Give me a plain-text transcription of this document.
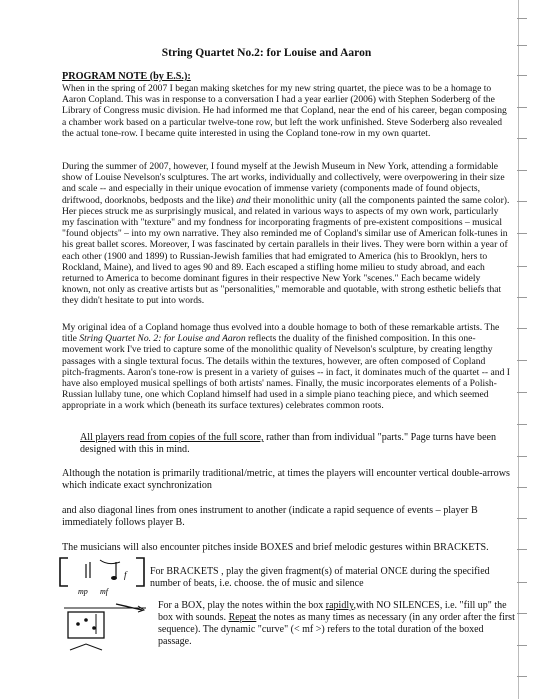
String Quartet No.2: for Louise and Aaron
PROGRAM NOTE (by E.S.):
When in the spring of 2007 I began making sketches for my new string quartet, the piece was to be a homage to Aaron Copland. This was in response to a conversation I had a year earlier (2006) with Stephen Soderberg of the Library of Congress music division. He had informed me that Copland, near the end of his career, began composing a chamber work based on a particular twelve-tone row, but left the work unfinished. Steve Soderberg also revealed the actual tone-row. I became quite interested in using the Copland tone-row in my own quartet.
During the summer of 2007, however, I found myself at the Jewish Museum in New York, attending a formidable show of Louise Nevelson's sculptures. The art works, individually and collectively, were overpowering in their size and scale -- and especially in their unique evocation of immense variety (components made of found objects, driftwood, doorknobs, bedposts and the like) and their monolithic unity (all the components painted the same color). Her pieces struck me as surprisingly musical, and related in various ways to aspects of my own work, particularly my fascination with "texture" and my fondness for incorporating fragments of pre-existent compositions – musical "found objects" – into my own narrative. They also reminded me of Copland's similar use of American folk-tunes in his great ballet scores. Moreover, I was fascinated by certain parallels in their lives. They were born within a year of each other (1900 and 1899) to Russian-Jewish families that had emigrated to America (his to Brooklyn, hers to Rockland, Maine), and lived to ages 90 and 89. Each escaped a stifling home milieu to study abroad, and each returned to America to become dominant figures in their respective New York "scenes." Each became widely known, not only as creative artists but as "personalities," memorable and quotable, with strong esthetic beliefs that they didn't hesitate to put into words.
My original idea of a Copland homage thus evolved into a double homage to both of these remarkable artists. The title String Quartet No. 2: for Louise and Aaron reflects the duality of the finished composition. In this one-movement work I've tried to capture some of the monolithic quality of Nevelson's sculpture, by creating lengthy passages with a single textural focus. The details within the textures, however, are often composed of Copland pitch-fragments. Aaron's tone-row is present in a variety of guises -- in fact, it dominates much of the quartet -- and I have also employed musical spellings of both artists' names. Finally, the music incorporates elements of a Polish-Russian lullaby tune, one which Copland himself had used in a simple piano teaching piece, and which seemed appropriate in a work which (beneath its surface textures) celebrates common roots.
All players read from copies of the full score, rather than from individual "parts." Page turns have been designed with this in mind.
Although the notation is primarily traditional/metric, at times the players will encounter vertical double-arrows which indicate exact synchronization
and also diagonal lines from ones instrument to another (indicate a rapid sequence of events – player B immediately follows player B.
The musicians will also encounter pitches inside BOXES and brief melodic gestures within BRACKETS.
For BRACKETS , play the given fragment(s) of material ONCE during the specified number of beats, i.e. choose. the of music and silence
For a BOX, play the notes within the box rapidly,with NO SILENCES, i.e. "fill up" the box with sounds. Repeat the notes as many times as necessary (in any order after the first sequence). The dynamic "curve" (< mf >) refers to the total duration of the boxed passage.
f
mp mf
